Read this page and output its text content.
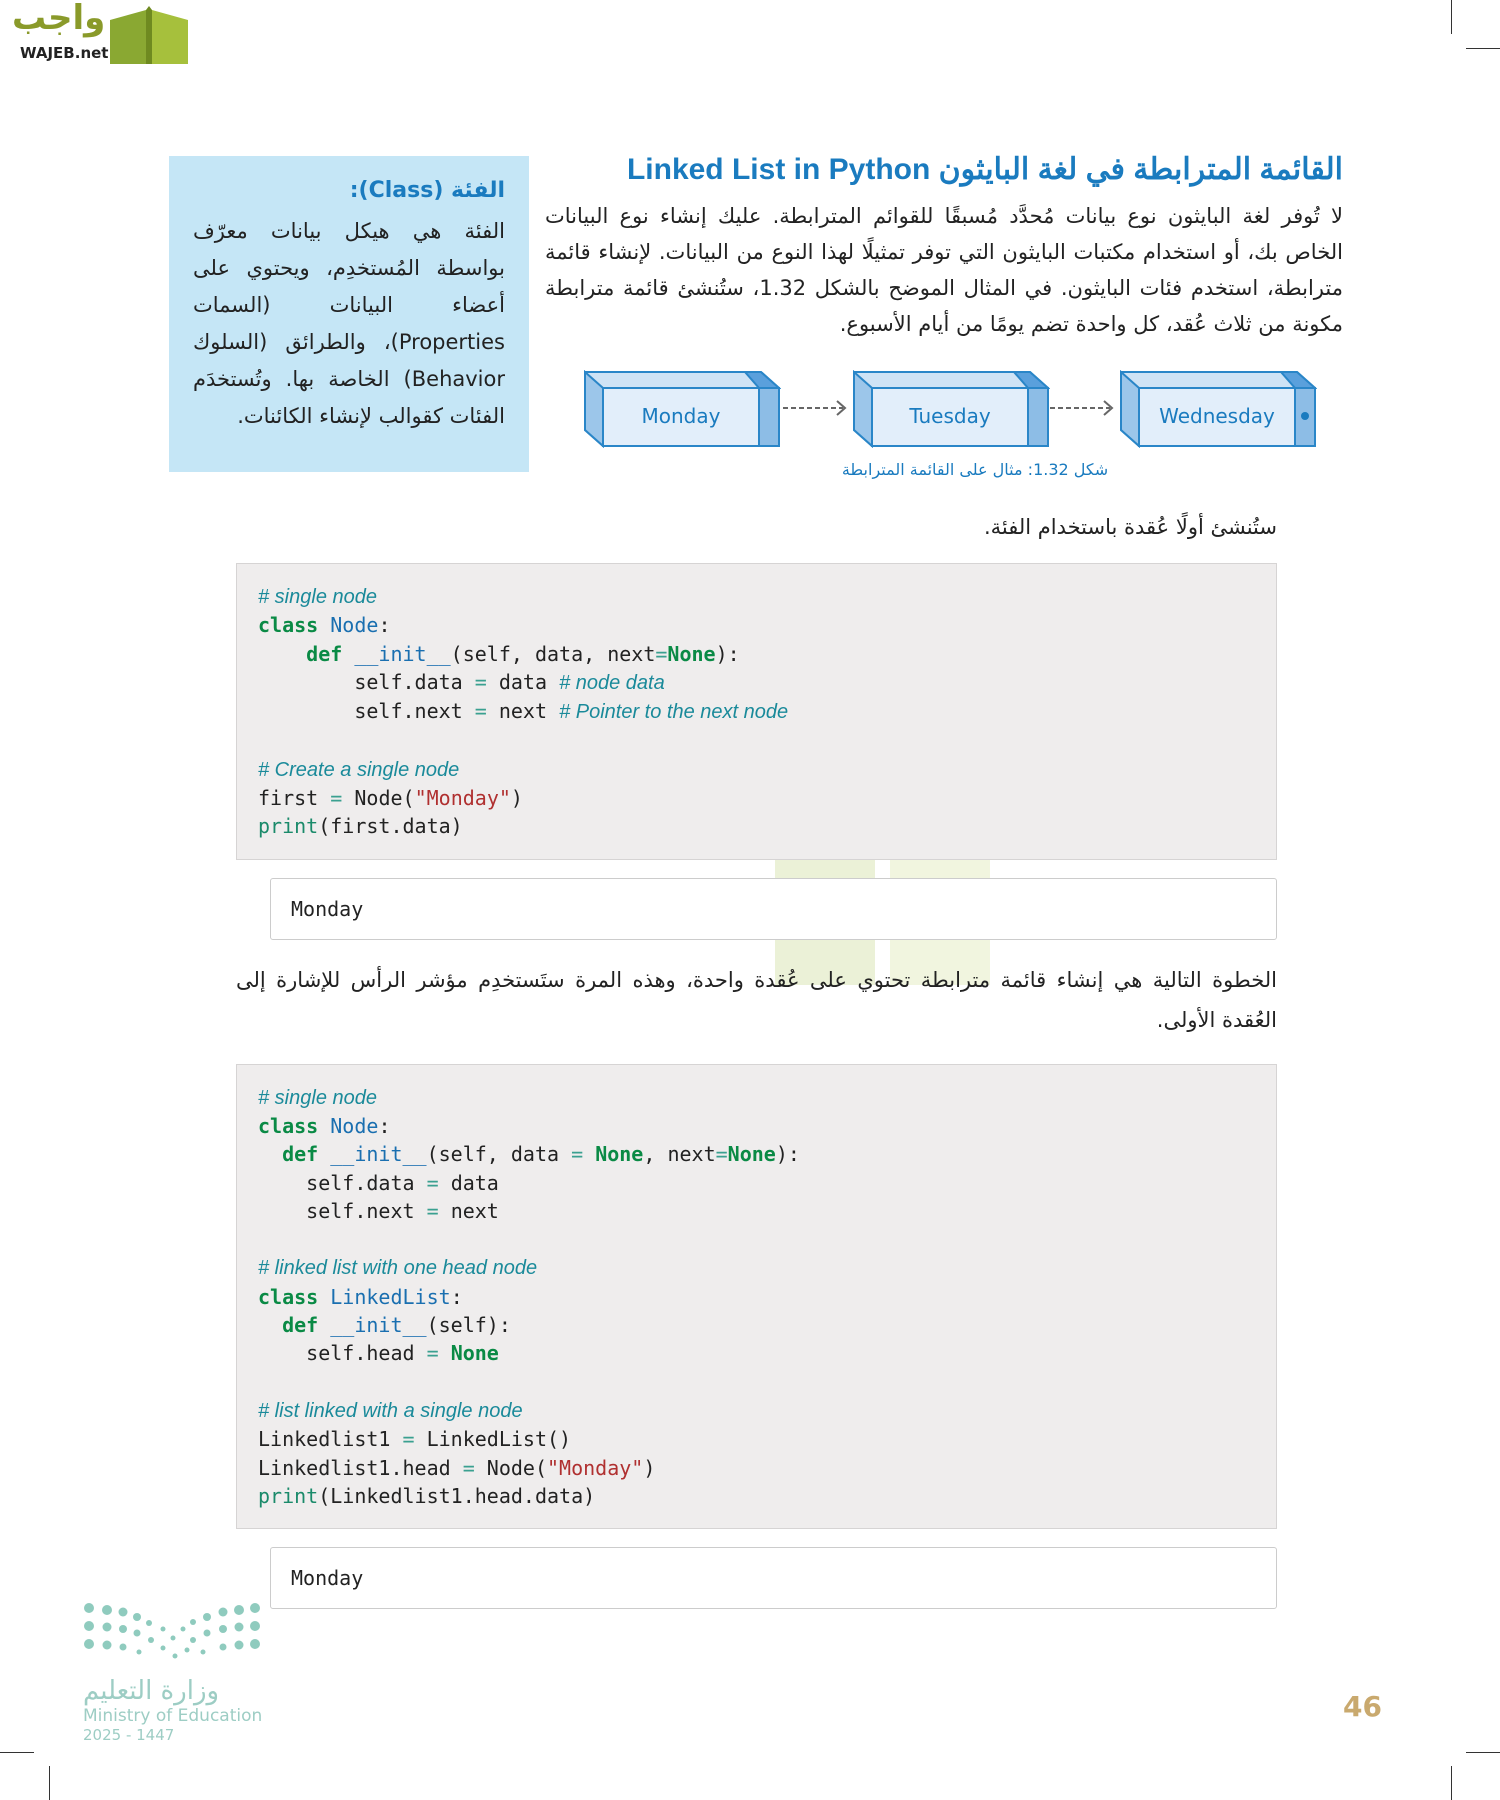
واجب
WAJEB.net
الفئة (Class):

الفئة هي هيكل بيانات معرّف بواسطة المُستخدِم، ويحتوي على أعضاء البيانات (السمات Properties)، والطرائق (السلوك Behavior) الخاصة بها. وتُستخدَم الفئات كقوالب لإنشاء الكائنات.

القائمة المترابطة في لغة البايثون Linked List in Python
لا تُوفر لغة البايثون نوع بيانات مُحدَّد مُسبقًا للقوائم المترابطة. عليك إنشاء نوع البيانات الخاص بك، أو استخدام مكتبات البايثون التي توفر تمثيلًا لهذا النوع من البيانات. لإنشاء قائمة مترابطة، استخدم فئات البايثون. في المثال الموضح بالشكل 1.32، ستُنشئ قائمة مترابطة مكونة من ثلاث عُقد، كل واحدة تضم يومًا من أيام الأسبوع.
Monday	Tuesday	Wednesday
شكل 1.32: مثال على القائمة المترابطة
ستُنشئ أولًا عُقدة باستخدام الفئة.
# single node
class Node:
def __init__(self, data, next=None):
self.data = data # node data
self.next = next # Pointer to the next node

# Create a single node
first = Node("Monday")
print(first.data)
Monday
الخطوة التالية هي إنشاء قائمة مترابطة تحتوي على عُقدة واحدة، وهذه المرة ستَستخدِم مؤشر الرأس للإشارة إلى العُقدة الأولى.
# single node
class Node:
def __init__(self, data = None, next=None):
self.data = data
self.next = next

# linked list with one head node
class LinkedList:
def __init__(self):
self.head = None

# list linked with a single node
Linkedlist1 = LinkedList()
Linkedlist1.head = Node("Monday")
print(Linkedlist1.head.data)
Monday
وزارة التعليم
Ministry of Education
2025 - 1447
46
